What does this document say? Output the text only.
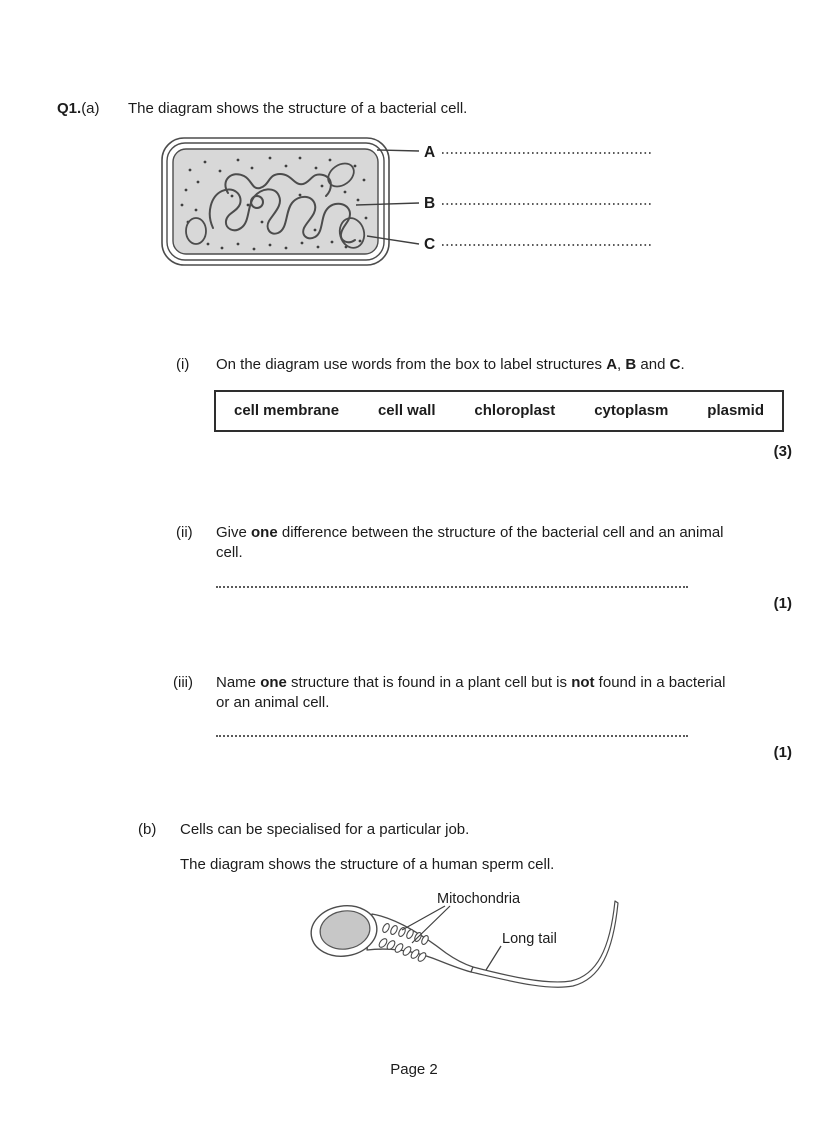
Q1.(a) The diagram shows the structure of a bacterial cell.
A
B
C
(i) On the diagram use words from the box to label structures A, B and C.
cell membrane	cell wall	chloroplast	cytoplasm	plasmid
(3)
(ii) Give one difference between the structure of the bacterial cell and an animal
cell.
(1)
(iii) Name one structure that is found in a plant cell but is not found in a bacterial
or an animal cell.
(1)
(b) Cells can be specialised for a particular job.
The diagram shows the structure of a human sperm cell.
Mitochondria
Long tail
Page 2
